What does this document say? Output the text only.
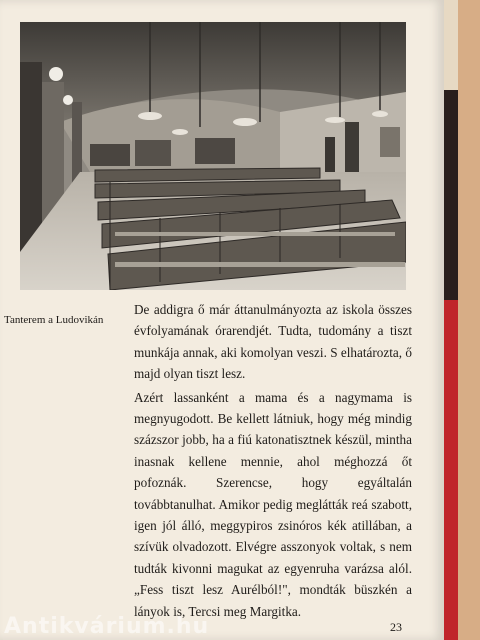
Tanterem a Ludovikán

De addigra ő már áttanulmányozta az iskola összes évfolyamának órarendjét. Tudta, tudomány a tiszt munkája annak, aki komolyan veszi. S elhatározta, ő majd olyan tiszt lesz.

Azért lassanként a mama és a nagymama is megnyugodott. Be kellett látniuk, hogy még mindig százszor jobb, ha a fiú katonatisztnek készül, mintha inasnak kellene mennie, ahol méghozzá őt pofoznák. Szerencse, hogy egyáltalán továbbtanulhat. Amikor pedig meglátták reá szabott, igen jól álló, meggypiros zsinóros kék atillában, a szívük olvadozott. Elvégre asszonyok voltak, s nem tudták kivonni magukat az egyenruha varázsa alól. „Fess tiszt lesz Aurélból!", mondták büszkén a lányok is, Tercsi meg Margitka.

23
Antikvárium.hu
